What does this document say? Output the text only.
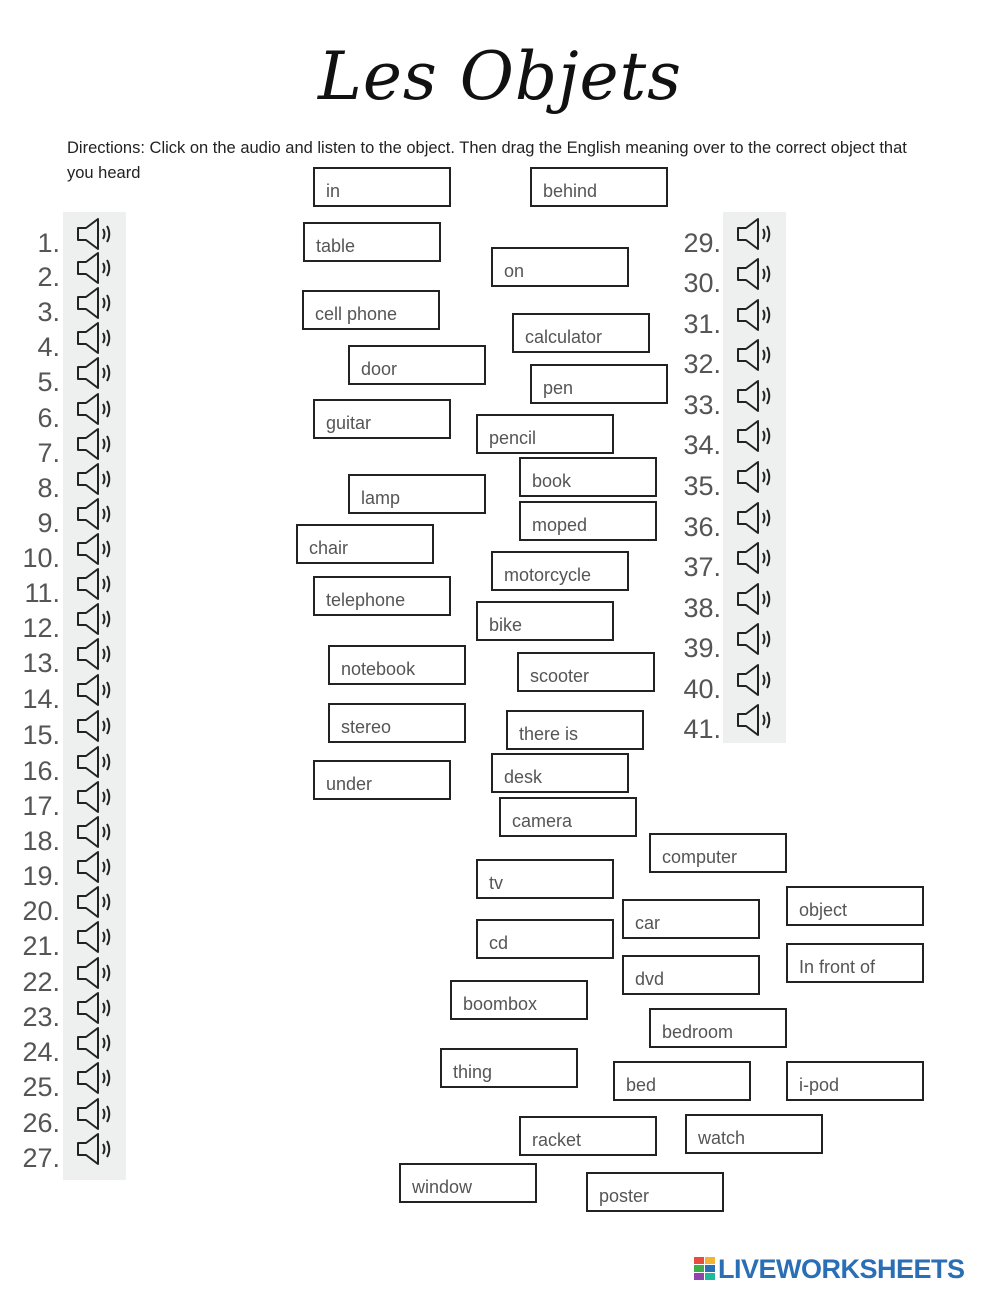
Les Objets
Directions: Click on the audio and listen to the object. Then drag the English meaning over to the correct object that you heard
1.
2.
3.
4.
5.
6.
7.
8.
9.
10.
11.
12.
13.
14.
15.
16.
17.
18.
19.
20.
21.
22.
23.
24.
25.
26.
27.
29.
30.
31.
32.
33.
34.
35.
36.
37.
38.
39.
40.
41.
in	behind
table
on
cell phone
calculator
door
pen
guitar
pencil
book
lamp
moped
chair
motorcycle
telephone
bike
notebook	scooter
stereo	there is
under	desk
camera
computer
tv
object
car
cd
In front of
dvd
boombox
bedroom
thing
bed	i-pod
racket	watch
window	poster
LIVEWORKSHEETS
